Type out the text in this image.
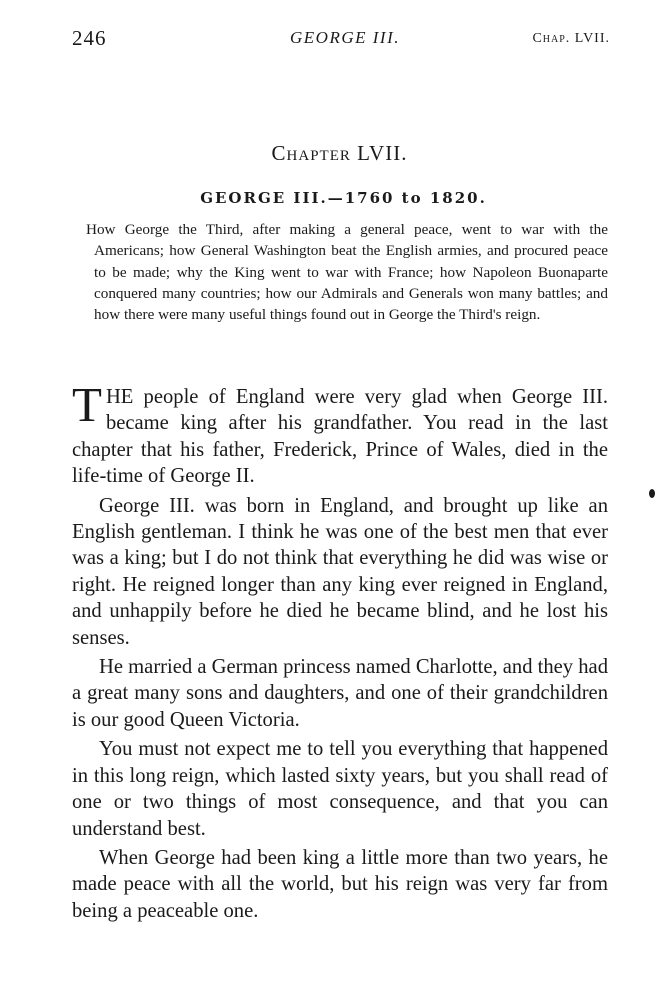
246	GEORGE III.	Chap. LVII.
Chapter LVII.
GEORGE III.—1760 to 1820.
How George the Third, after making a general peace, went to war with the Americans; how General Washington beat the English armies, and procured peace to be made; why the King went to war with France; how Napoleon Buonaparte conquered many countries; how our Admirals and Generals won many battles; and how there were many useful things found out in George the Third's reign.

THE people of England were very glad when George III. became king after his grandfather. You read in the last chapter that his father, Frederick, Prince of Wales, died in the life-time of George II.

George III. was born in England, and brought up like an English gentleman. I think he was one of the best men that ever was a king; but I do not think that everything he did was wise or right. He reigned longer than any king ever reigned in England, and unhappily before he died he became blind, and he lost his senses.

He married a German princess named Charlotte, and they had a great many sons and daughters, and one of their grandchildren is our good Queen Victoria.

You must not expect me to tell you everything that happened in this long reign, which lasted sixty years, but you shall read of one or two things of most consequence, and that you can understand best.

When George had been king a little more than two years, he made peace with all the world, but his reign was very far from being a peaceable one.
